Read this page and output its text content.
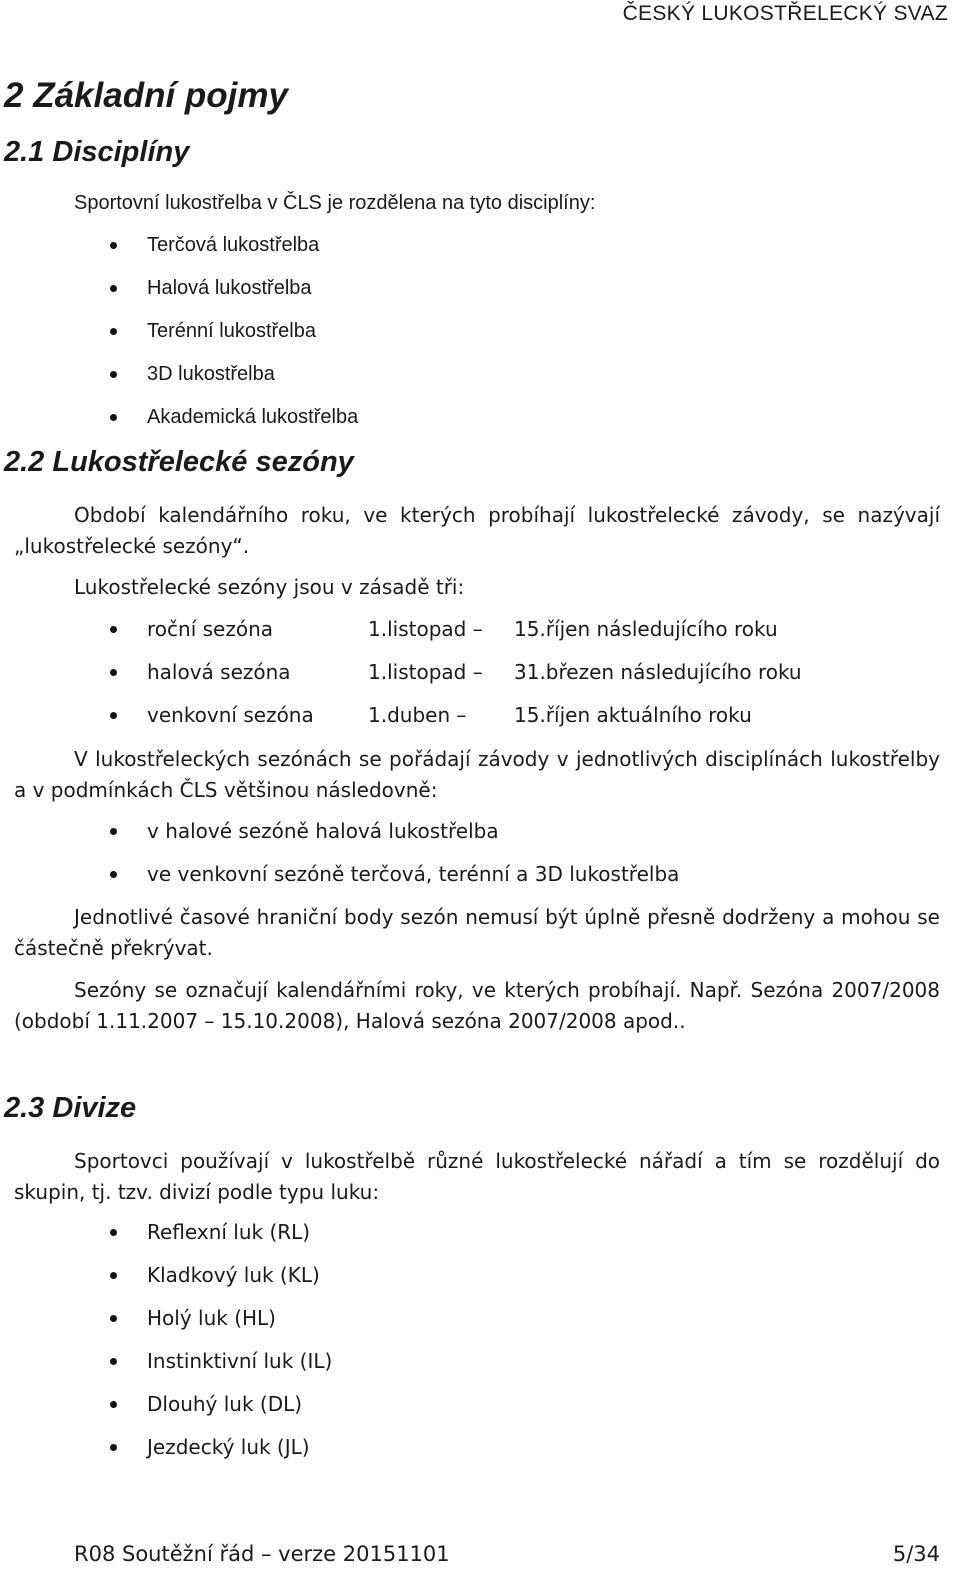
ČESKÝ LUKOSTŘELECKÝ SVAZ
2 Základní pojmy
2.1 Disciplíny

Sportovní lukostřelba v ČLS je rozdělena na tyto disciplíny:

Terčová lukostřelba
Halová lukostřelba
Terénní lukostřelba
3D lukostřelba
Akademická lukostřelba
2.2 Lukostřelecké sezóny

Období kalendářního roku, ve kterých probíhají lukostřelecké závody, se nazývají „lukostřelecké sezóny“.

Lukostřelecké sezóny jsou v zásadě tři:

roční sezóna	1.listopad –	15.říjen následujícího roku
halová sezóna	1.listopad –	31.březen následujícího roku
venkovní sezóna	1.duben –	15.říjen aktuálního roku

V lukostřeleckých sezónách se pořádají závody v jednotlivých disciplínách lukostřelby a v podmínkách ČLS většinou následovně:

v halové sezóně halová lukostřelba
ve venkovní sezóně terčová, terénní a 3D lukostřelba

Jednotlivé časové hraniční body sezón nemusí být úplně přesně dodrženy a mohou se částečně překrývat.

Sezóny se označují kalendářními roky, ve kterých probíhají. Např. Sezóna 2007/2008 (období 1.11.2007 – 15.10.2008), Halová sezóna 2007/2008 apod..

2.3 Divize

Sportovci používají v lukostřelbě různé lukostřelecké nářadí a tím se rozdělují do skupin, tj. tzv. divizí podle typu luku:

Reflexní luk (RL)
Kladkový luk (KL)
Holý luk (HL)
Instinktivní luk (IL)
Dlouhý luk (DL)
Jezdecký luk (JL)
R08 Soutěžní řád – verze 20151101	5/34
